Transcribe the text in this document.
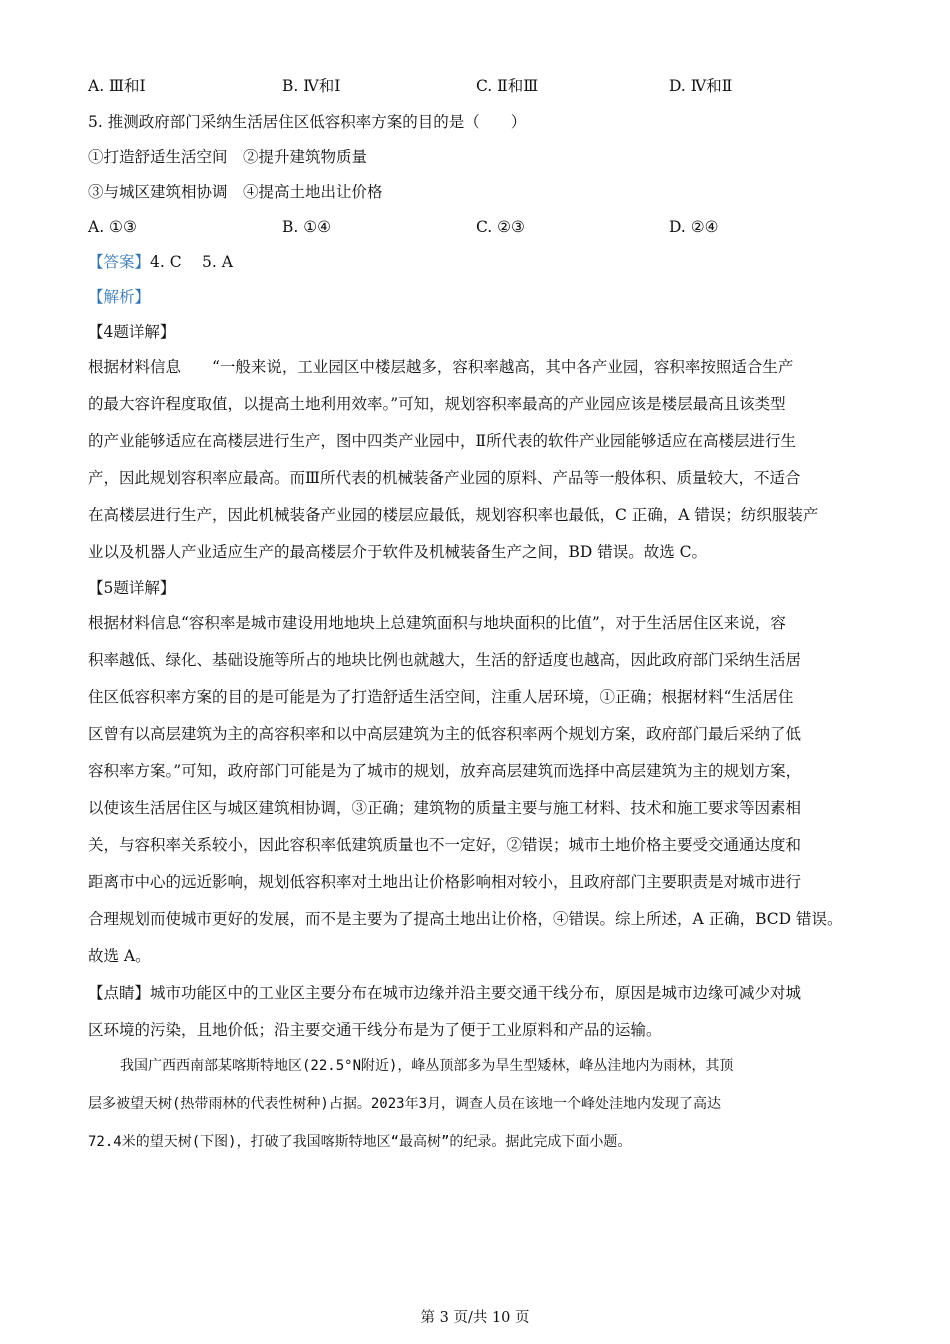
A. Ⅲ和Ⅰ	B. Ⅳ和Ⅰ	C. Ⅱ和Ⅲ	D. Ⅳ和Ⅱ
5. 推测政府部门采纳生活居住区低容积率方案的目的是（　　）
①打造舒适生活空间　②提升建筑物质量
③与城区建筑相协调　④提高土地出让价格
A. ①③	B. ①④	C. ②③	D. ②④
【答案】4. C　 5. A
【解析】
【4题详解】
根据材料信息　　“一般来说，工业园区中楼层越多，容积率越高，其中各产业园，容积率按照适合生产
的最大容许程度取值，以提高土地利用效率。”可知，规划容积率最高的产业园应该是楼层最高且该类型
的产业能够适应在高楼层进行生产，图中四类产业园中，Ⅱ所代表的软件产业园能够适应在高楼层进行生
产，因此规划容积率应最高。而Ⅲ所代表的机械装备产业园的原料、产品等一般体积、质量较大，不适合
在高楼层进行生产，因此机械装备产业园的楼层应最低，规划容积率也最低，C 正确，A 错误；纺织服装产
业以及机器人产业适应生产的最高楼层介于软件及机械装备生产之间，BD 错误。故选 C。
【5题详解】
根据材料信息“容积率是城市建设用地地块上总建筑面积与地块面积的比值”，对于生活居住区来说，容
积率越低、绿化、基础设施等所占的地块比例也就越大，生活的舒适度也越高，因此政府部门采纳生活居
住区低容积率方案的目的是可能是为了打造舒适生活空间，注重人居环境，①正确；根据材料“生活居住
区曾有以高层建筑为主的高容积率和以中高层建筑为主的低容积率两个规划方案，政府部门最后采纳了低
容积率方案。”可知，政府部门可能是为了城市的规划，放弃高层建筑而选择中高层建筑为主的规划方案，
以使该生活居住区与城区建筑相协调，③正确；建筑物的质量主要与施工材料、技术和施工要求等因素相
关，与容积率关系较小，因此容积率低建筑质量也不一定好，②错误；城市土地价格主要受交通通达度和
距离市中心的远近影响，规划低容积率对土地出让价格影响相对较小，且政府部门主要职责是对城市进行
合理规划而使城市更好的发展，而不是主要为了提高土地出让价格，④错误。综上所述，A 正确，BCD 错误。
故选 A。
【点睛】城市功能区中的工业区主要分布在城市边缘并沿主要交通干线分布，原因是城市边缘可减少对城
区环境的污染，且地价低；沿主要交通干线分布是为了便于工业原料和产品的运输。
我国广西西南部某喀斯特地区(22.5°N附近)，峰丛顶部多为旱生型矮林，峰丛洼地内为雨林，其顶
层多被望天树(热带雨林的代表性树种)占据。2023年3月，调查人员在该地一个峰处洼地内发现了高达
72.4米的望天树(下图)，打破了我国喀斯特地区“最高树”的纪录。据此完成下面小题。
第 3 页/共 10 页
